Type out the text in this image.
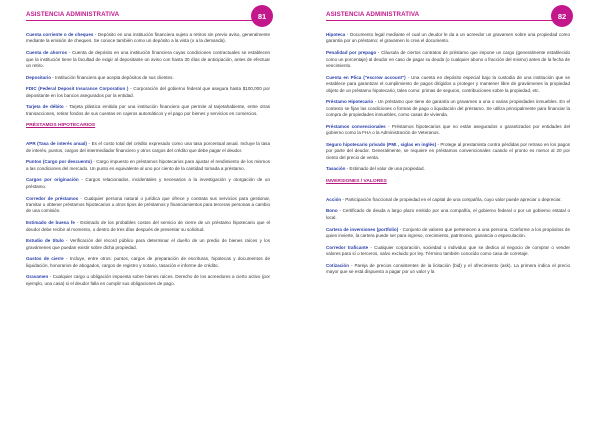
ASISTENCIA ADMINISTRATIVA	81
Cuenta corriente o de cheques - Depósito en una institución financiera sujeto a retiros sin previo aviso, generalmente mediante la emisión de cheques. Se conoce también como un depósito a la vista (o a la demanda).
Cuenta de ahorros - Cuenta de depósito en una institución financiera cuyas condiciones contractuales se establecen que la institución tiene la facultad de exigir al depositante un aviso con hasta 30 días de anticipación, antes de efectuar un retiro.
Depositario - Institución financiera que acepta depósitos de sus clientes.
FDIC (Federal Deposit Insurance Corporation ) - Corporación del gobierno federal que asegura hasta $100,000 por depositante en los bancos asegurados por la entidad.
Tarjeta de débito - Tarjeta plástica emitida por una institución financiera que permite al tarjetahabiente, entre otras transacciones, retirar fondos de sus cuentas en cajeros automáticos y el pago por bienes y servicios en comercios.
PRÉSTAMOS HIPOTECARIOS
APR (Tasa de interés anual) - Es el costo total del crédito expresado como una tasa porcentual anual. Incluye la tasa de interés, puntos, cargos del intermediador financiero y otros cargos del crédito que debe pagar el deudor.
Puntos (Cargo por descuento) - Cargo impuesto en préstamos hipotecarios para ajustar el rendimiento de los mismos a las condiciones del mercado. Un punto es equivalente al uno por ciento de la cantidad tomada a préstamo.
Cargos por originación - Cargos relacionados, incidentales y necesarios a la investigación y otorgación de un préstamo.
Corredor de préstamos - Cualquier persona natural o jurídica que ofrece y contrata sus servicios para gestionar, tramitar u obtener préstamos hipotecarios u otros tipos de préstamos y financiamientos para terceras personas a cambio de una comisión.
Estimado de buena fe - Estimado de los probables costos del servicio de cierre de un préstamo hipotecario que el deudor debe recibir al momento, o dentro de tres días después de presentar su solicitud.
Estudio de título - Verificación del récord público para determinar el dueño de un predio de bienes raíces y los gravámenes que puedan existir sobre dicha propiedad.
Gastos de cierre - Incluye, entre otros: puntos, cargos de preparación de escrituras, hipotecas y documentos de liquidación, honorarios de abogados, cargos de registro y notario, tasación e informe de crédito.
Gravamen - Cualquier cargo u obligación impuesta sobre bienes raíces. Derecho de los acreedores a cierto activo (por ejemplo, una casa) si el deudor falla en cumplir sus obligaciones de pago.
ASISTENCIA ADMINISTRATIVA	82
Hipoteca - Documento legal mediante el cual un deudor le da a un acreedor un gravamen sobre una propiedad como garantía por un préstamo; el gravamen lo crea el documento.
Penalidad por prepago - Cláusula de ciertos contratos de préstamo que impone un cargo (generalmente establecido como un porcentaje) al deudor en caso de pagar su deuda (o cualquier abono o fracción del mismo) antes de la fecha de vencimiento.
Cuenta en Plica ("escrow account") - Una cuenta en depósito especial bajo la custodia de una institución que se establece para garantizar el cumplimiento de pagos dirigidos a proteger y mantener libre de gravámenes la propiedad objeto de un préstamo hipotecario, tales como: primas de seguros, contribuciones sobre la propiedad, etc.
Préstamo Hipotecario - Un préstamo que tiene de garantía un gravamen a una o varias propiedades inmuebles. En el contexto se fijan las condiciones o formas de pago o liquidación del préstamo. Se utiliza principalmente para financiar la compra de propiedades inmuebles, como casas de vivienda.
Préstamos convencionales - Préstamos hipotecarios que no están asegurados o garantizados por entidades del gobierno como la FHA o la Administración de Veteranos.
Seguro hipotecario privado (PMI , siglas en inglés) - Protege al prestamista contra pérdidas por retraso en los pagos por parte del deudor. Generalmente, se requiere en préstamos convencionales cuando el pronto es menor al 20 por ciento del precio de venta.
Tasación - Estimado del valor de una propiedad.
INVERSIONES / VALORES
Acción - Participación fraccional de propiedad en el capital de una compañía, cuyo valor puede apreciar o depreciar.
Bono - Certificado de deuda a largo plazo emitido por una compañía, el gobierno federal o por un gobierno estatal o local.
Cartera de inversiones (portfolio) - Conjunto de valores que pertenecen a una persona. Conforme a los propósitos de quien invierte, la cartera puede ser para ingreso, crecimiento, patrimonio, ganancia o especulación.
Corredor traficante - Cualquier corporación, sociedad o individuo que se dedica al negocio de comprar o vender valores para sí o terceros, salvo excluido por ley. Término también conocido como casa de corretaje.
Cotización - Pareja de precios consistentes de la licitación (bid) y el ofrecimiento (ask). La primera indica el precio mayor que se está dispuesto a pagar por un valor y la
